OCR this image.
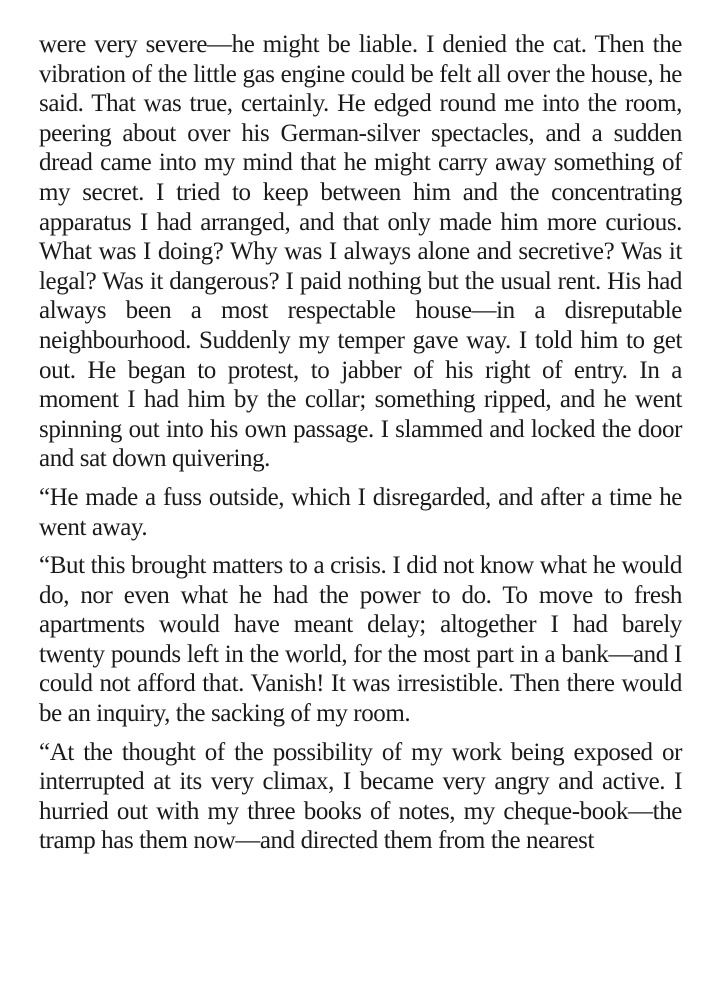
were very severe—he might be liable. I denied the cat. Then the vibration of the little gas engine could be felt all over the house, he said. That was true, certainly. He edged round me into the room, peering about over his German-silver spectacles, and a sudden dread came into my mind that he might carry away something of my secret. I tried to keep between him and the concentrating apparatus I had arranged, and that only made him more curious. What was I doing? Why was I always alone and secretive? Was it legal? Was it dangerous? I paid nothing but the usual rent. His had always been a most respectable house—in a disreputable neighbourhood. Suddenly my temper gave way. I told him to get out. He began to protest, to jabber of his right of entry. In a moment I had him by the collar; something ripped, and he went spinning out into his own passage. I slammed and locked the door and sat down quivering.

“He made a fuss outside, which I disregarded, and after a time he went away.

“But this brought matters to a crisis. I did not know what he would do, nor even what he had the power to do. To move to fresh apartments would have meant delay; altogether I had barely twenty pounds left in the world, for the most part in a bank—and I could not afford that. Vanish! It was irresistible. Then there would be an inquiry, the sacking of my room.

“At the thought of the possibility of my work being exposed or interrupted at its very climax, I became very angry and active. I hurried out with my three books of notes, my cheque-book—the tramp has them now—and directed them from the nearest
